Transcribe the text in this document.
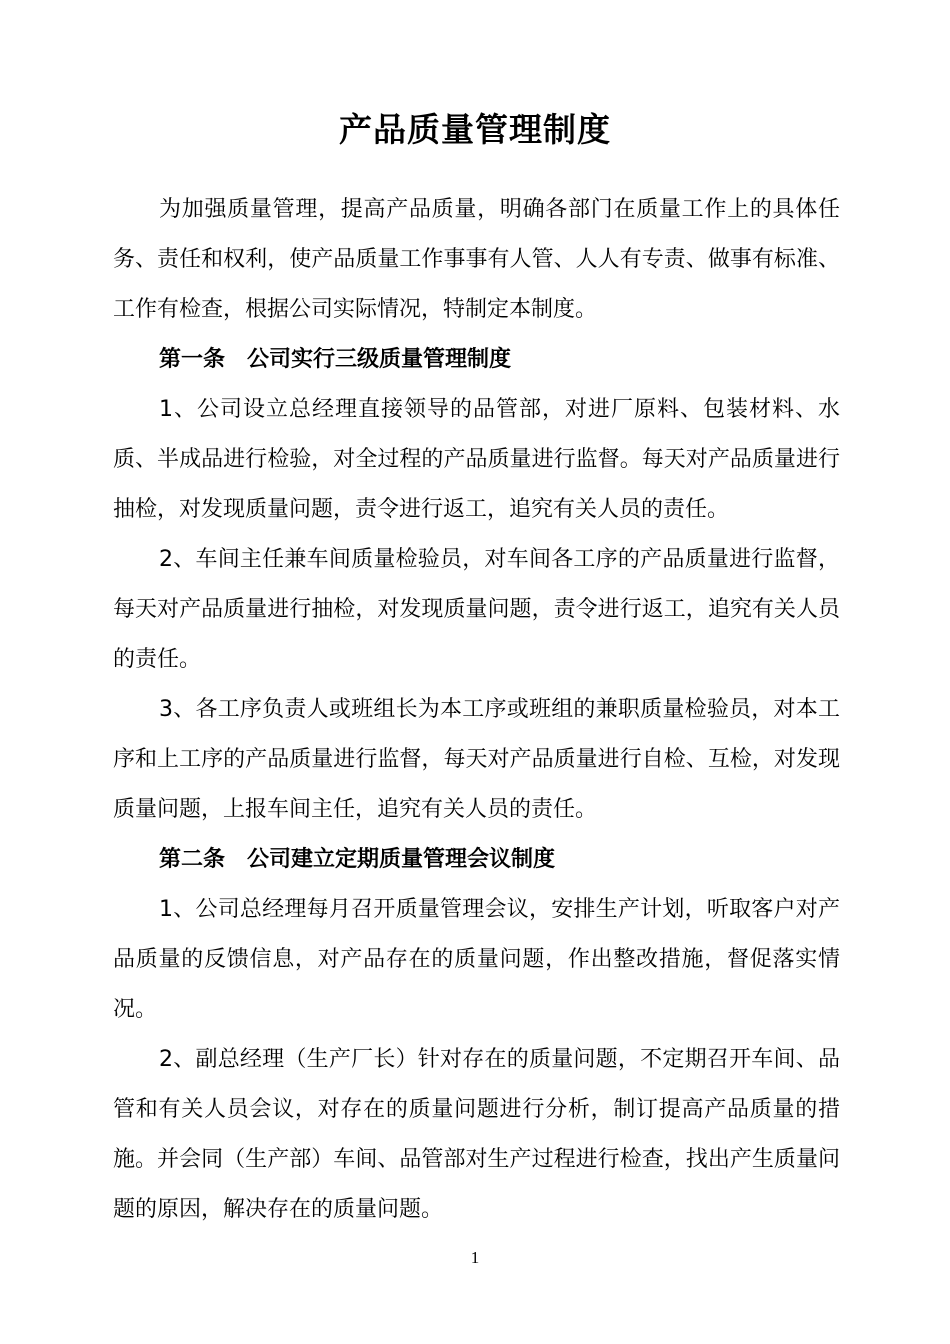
产品质量管理制度

为加强质量管理，提高产品质量，明确各部门在质量工作上的具体任务、责任和权利，使产品质量工作事事有人管、人人有专责、做事有标准、工作有检查，根据公司实际情况，特制定本制度。

第一条　公司实行三级质量管理制度

1、公司设立总经理直接领导的品管部，对进厂原料、包装材料、水质、半成品进行检验，对全过程的产品质量进行监督。每天对产品质量进行抽检，对发现质量问题，责令进行返工，追究有关人员的责任。

2、车间主任兼车间质量检验员，对车间各工序的产品质量进行监督，每天对产品质量进行抽检，对发现质量问题，责令进行返工，追究有关人员的责任。

3、各工序负责人或班组长为本工序或班组的兼职质量检验员，对本工序和上工序的产品质量进行监督，每天对产品质量进行自检、互检，对发现质量问题，上报车间主任，追究有关人员的责任。

第二条　公司建立定期质量管理会议制度

1、公司总经理每月召开质量管理会议，安排生产计划，听取客户对产品质量的反馈信息，对产品存在的质量问题，作出整改措施，督促落实情况。

2、副总经理（生产厂长）针对存在的质量问题，不定期召开车间、品管和有关人员会议，对存在的质量问题进行分析，制订提高产品质量的措施。并会同（生产部）车间、品管部对生产过程进行检查，找出产生质量问题的原因，解决存在的质量问题。

1
